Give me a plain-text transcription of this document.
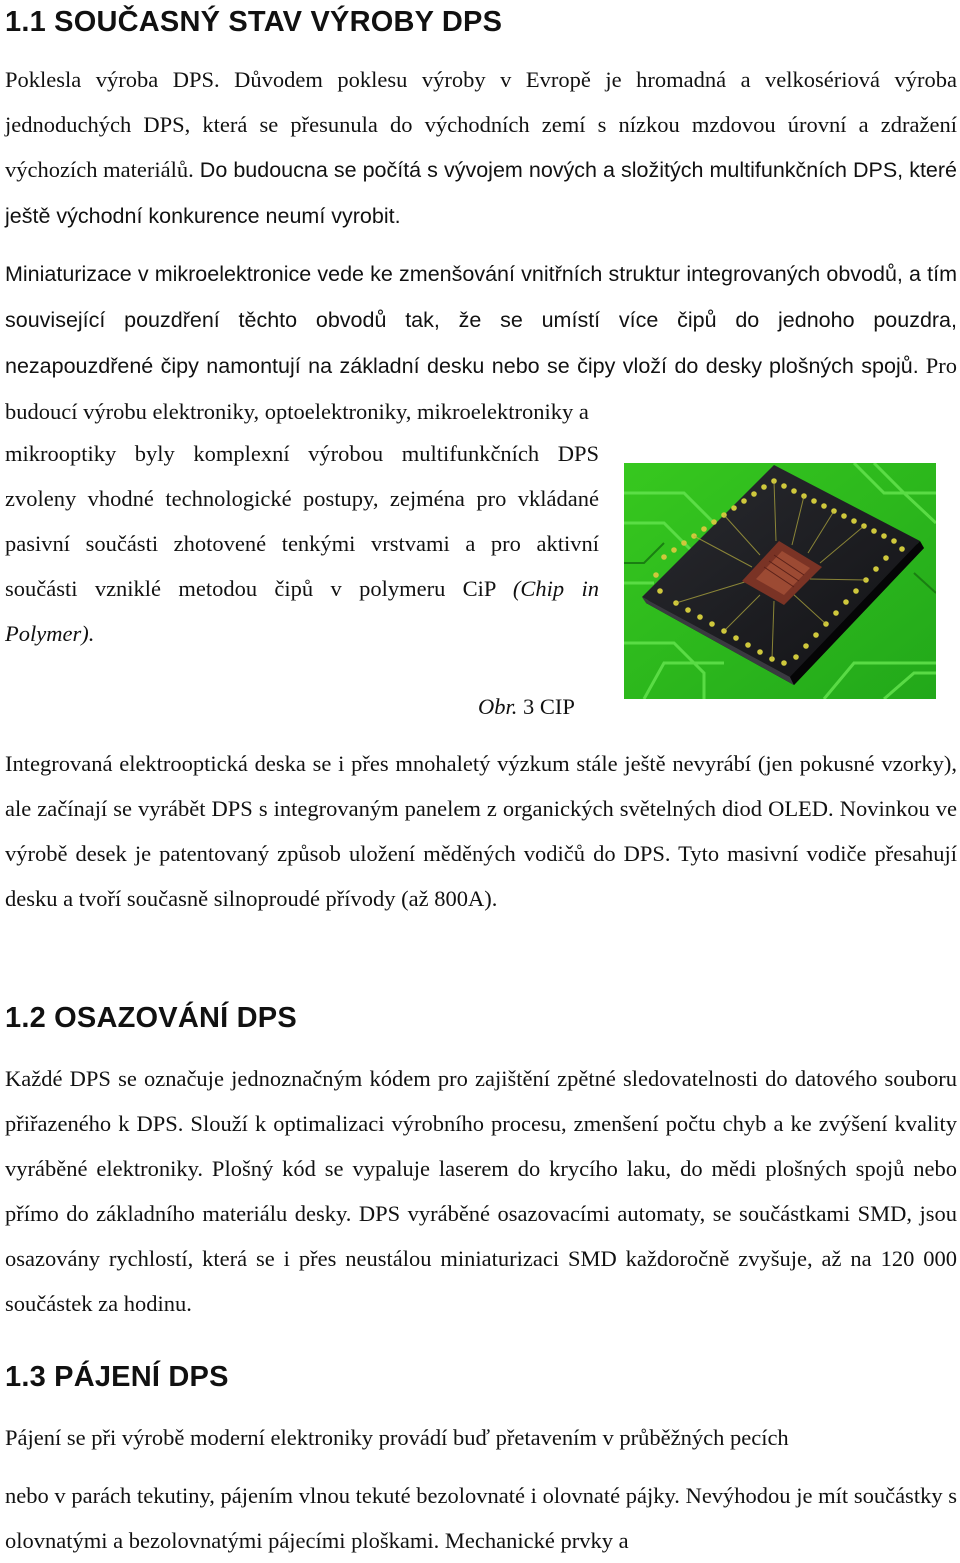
1.1 SOUČASNÝ STAV VÝROBY DPS

Poklesla výroba DPS. Důvodem poklesu výroby v Evropě je hromadná a velkosériová výroba jednoduchých DPS, která se přesunula do východních zemí s nízkou mzdovou úrovní a zdražení výchozích materiálů. Do budoucna se počítá s vývojem nových a složitých multifunkčních DPS, které ještě východní konkurence neumí vyrobit.

Miniaturizace v mikroelektronice vede ke zmenšování vnitřních struktur integrovaných obvodů, a tím související pouzdření těchto obvodů tak, že se umístí více čipů do jednoho pouzdra, nezapouzdřené čipy namontují na základní desku nebo se čipy vloží do desky plošných spojů. Pro budoucí výrobu elektroniky, optoelektroniky, mikroelektroniky a

mikrooptiky byly komplexní výrobou multifunkčních DPS zvoleny vhodné technologické postupy, zejména pro vkládané pasivní součásti zhotovené tenkými vrstvami a pro aktivní součásti vzniklé metodou čipů v polymeru CiP (Chip in Polymer).

Obr. 3 CIP

Integrovaná elektrooptická deska se i přes mnohaletý výzkum stále ještě nevyrábí (jen pokusné vzorky), ale začínají se vyrábět DPS s integrovaným panelem z organických světelných diod OLED. Novinkou ve výrobě desek je patentovaný způsob uložení měděných vodičů do DPS. Tyto masivní vodiče přesahují desku a tvoří současně silnoproudé přívody (až 800A).

1.2 OSAZOVÁNÍ DPS

Každé DPS se označuje jednoznačným kódem pro zajištění zpětné sledovatelnosti do datového souboru přiřazeného k DPS. Slouží k optimalizaci výrobního procesu, zmenšení počtu chyb a ke zvýšení kvality vyráběné elektroniky. Plošný kód se vypaluje laserem do krycího laku, do mědi plošných spojů nebo přímo do základního materiálu desky. DPS vyráběné osazovacími automaty, se součástkami SMD, jsou osazovány rychlostí, která se i přes neustálou miniaturizaci SMD každoročně zvyšuje, až na 120 000 součástek za hodinu.

1.3 PÁJENÍ DPS

Pájení se při výrobě moderní elektroniky provádí buď přetavením v průběžných pecích

nebo v parách tekutiny, pájením vlnou tekuté bezolovnaté i olovnaté pájky. Nevýhodou je mít součástky s olovnatými a bezolovnatými pájecími ploškami. Mechanické prvky a
